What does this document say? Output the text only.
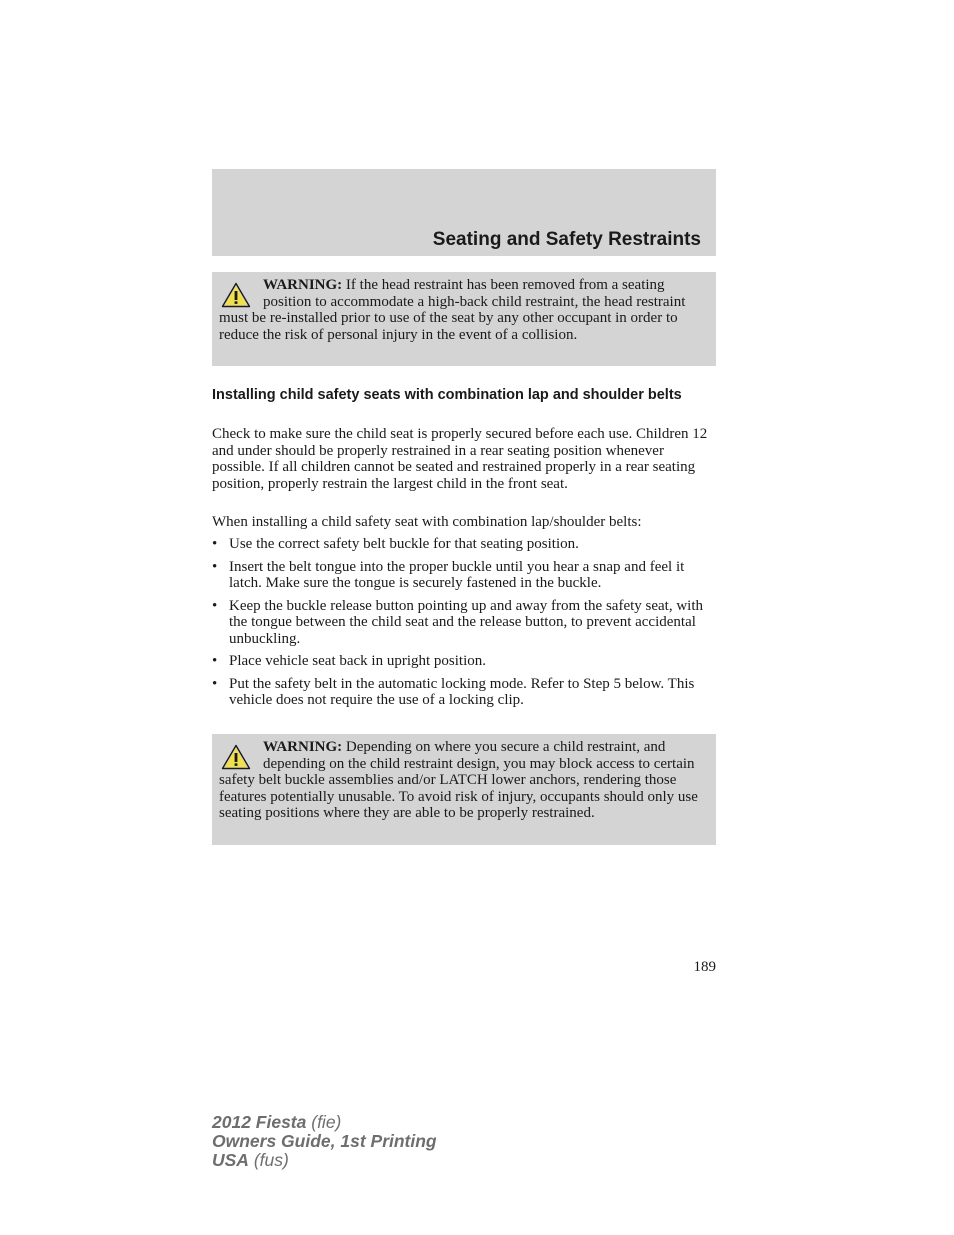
Seating and Safety Restraints
WARNING: If the head restraint has been removed from a seating position to accommodate a high-back child restraint, the head restraint must be re-installed prior to use of the seat by any other occupant in order to reduce the risk of personal injury in the event of a collision.
Installing child safety seats with combination lap and shoulder belts

Check to make sure the child seat is properly secured before each use. Children 12 and under should be properly restrained in a rear seating position whenever possible. If all children cannot be seated and restrained properly in a rear seating position, properly restrain the largest child in the front seat.

When installing a child safety seat with combination lap/shoulder belts:

• Use the correct safety belt buckle for that seating position.
• Insert the belt tongue into the proper buckle until you hear a snap and feel it latch. Make sure the tongue is securely fastened in the buckle.
• Keep the buckle release button pointing up and away from the safety seat, with the tongue between the child seat and the release button, to prevent accidental unbuckling.
• Place vehicle seat back in upright position.
• Put the safety belt in the automatic locking mode. Refer to Step 5 below. This vehicle does not require the use of a locking clip.
WARNING: Depending on where you secure a child restraint, and depending on the child restraint design, you may block access to certain safety belt buckle assemblies and/or LATCH lower anchors, rendering those features potentially unusable. To avoid risk of injury, occupants should only use seating positions where they are able to be properly restrained.
189
2012 Fiesta (fie)
Owners Guide, 1st Printing
USA (fus)
